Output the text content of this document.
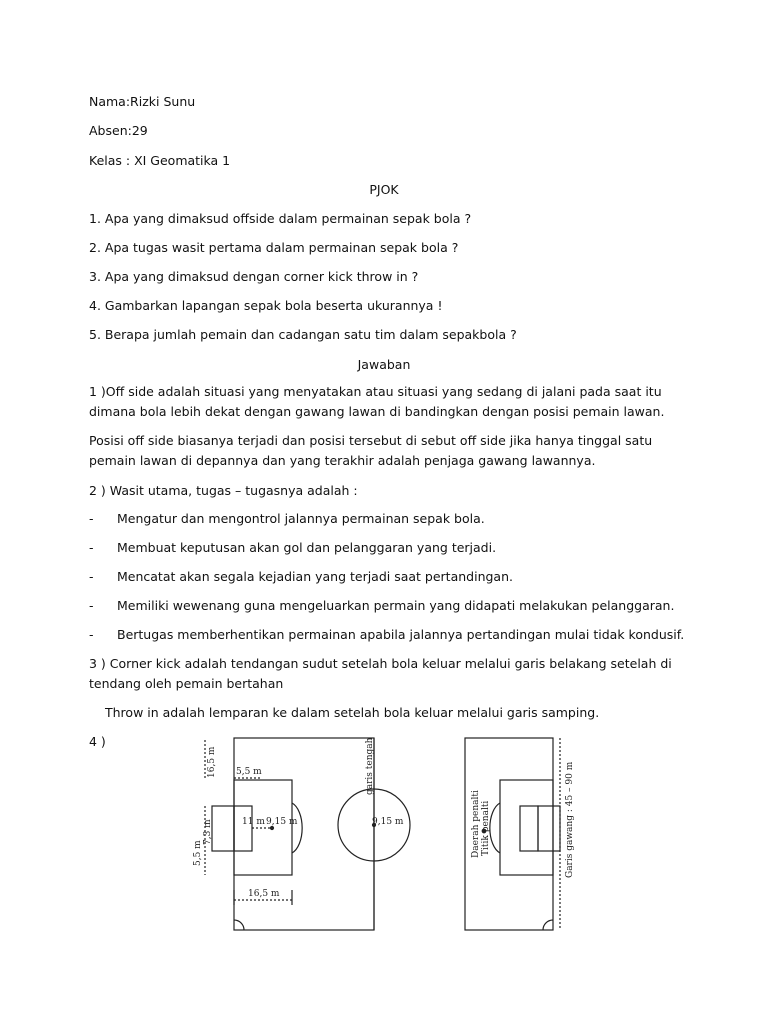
Nama:Rizki Sunu
Absen:29
Kelas : XI Geomatika 1
PJOK
1. Apa yang dimaksud offside dalam permainan sepak bola ?
2. Apa tugas wasit pertama dalam permainan sepak bola ?
3. Apa yang dimaksud dengan corner kick throw in ?
4. Gambarkan lapangan sepak bola beserta ukurannya !
5. Berapa jumlah pemain dan cadangan satu tim dalam sepakbola ?
Jawaban
1 )Off side adalah situasi yang menyatakan atau situasi yang sedang di jalani pada saat itu dimana bola lebih dekat dengan gawang lawan di bandingkan dengan posisi pemain lawan.
Posisi off side biasanya terjadi dan posisi tersebut di sebut off side jika hanya tinggal satu pemain lawan di depannya dan yang terakhir adalah penjaga gawang lawannya.
2 ) Wasit utama, tugas – tugasnya adalah :
- Mengatur dan mengontrol jalannya permainan sepak bola.
- Membuat keputusan akan gol dan pelanggaran yang terjadi.
- Mencatat akan segala kejadian yang terjadi saat pertandingan.
- Memiliki wewenang guna mengeluarkan permain yang didapati melakukan pelanggaran.
- Bertugas memberhentikan permainan apabila jalannya pertandingan mulai tidak kondusif.
3 ) Corner kick adalah tendangan sudut setelah bola keluar melalui garis belakang setelah di tendang oleh pemain bertahan
Throw in adalah lemparan ke dalam setelah bola keluar melalui garis samping.
4 )
16,5 m 5,5 m
11 m 9,15 m	9,15 m
7,3 m
5,5 m
16,5 m
garis tengah
Daerah penalti Titik penalti	Garis gawang : 45 – 90 m
